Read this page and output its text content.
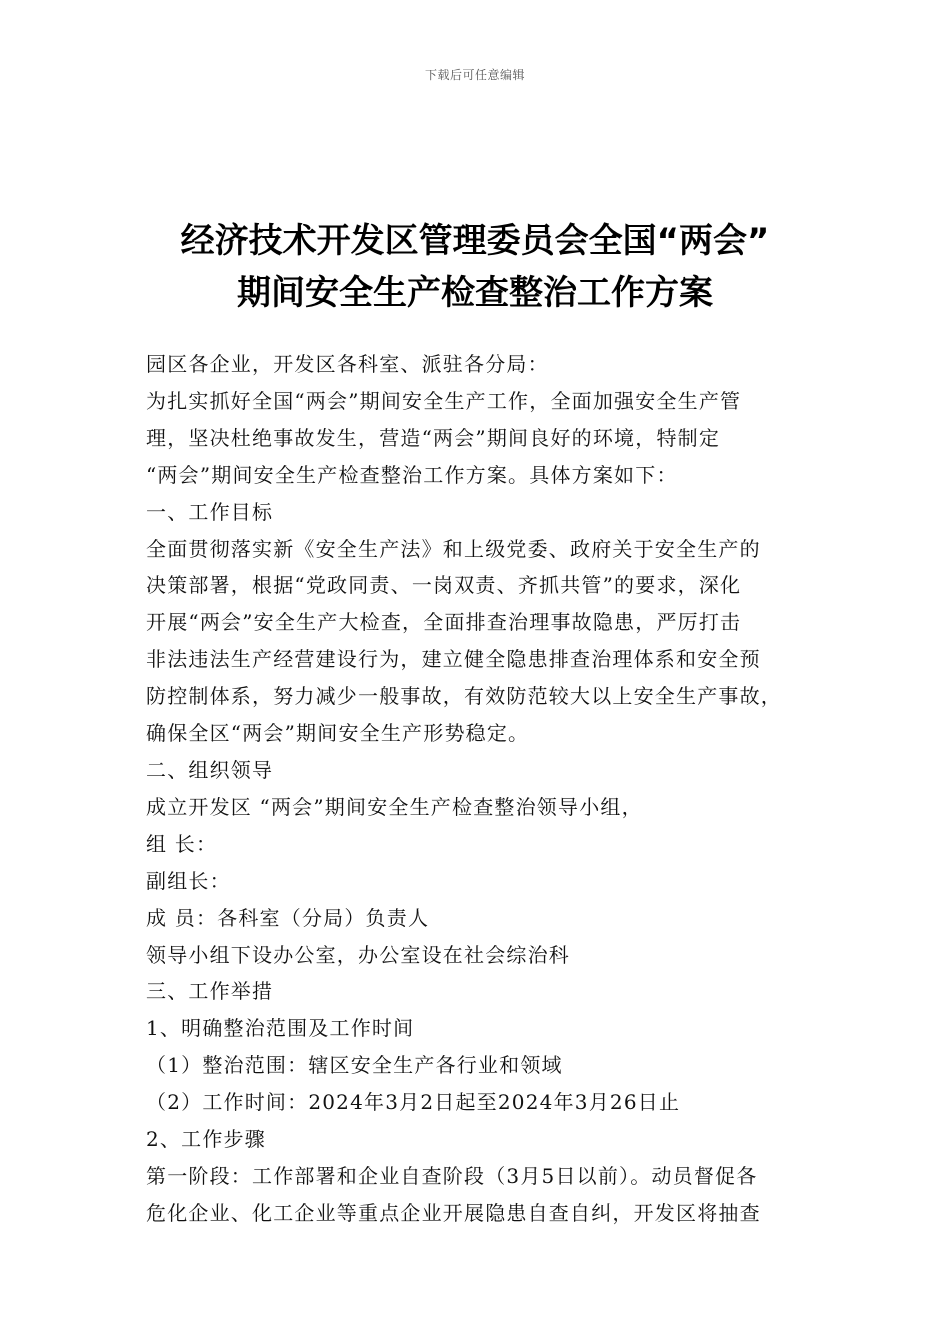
下载后可任意编辑
经济技术开发区管理委员会全国“两会”
期间安全生产检查整治工作方案

园区各企业，开发区各科室、派驻各分局：

为扎实抓好全国“两会”期间安全生产工作，全面加强安全生产管

理，坚决杜绝事故发生，营造“两会”期间良好的环境，特制定

“两会”期间安全生产检查整治工作方案。具体方案如下：

一、工作目标

全面贯彻落实新《安全生产法》和上级党委、政府关于安全生产的

决策部署，根据“党政同责、一岗双责、齐抓共管”的要求，深化

开展“两会”安全生产大检查，全面排查治理事故隐患，严厉打击

非法违法生产经营建设行为，建立健全隐患排查治理体系和安全预

防控制体系，努力减少一般事故，有效防范较大以上安全生产事故，

确保全区“两会”期间安全生产形势稳定。

二、组织领导

成立开发区 “两会”期间安全生产检查整治领导小组，

组 长：

副组长：

成 员：各科室（分局）负责人

领导小组下设办公室，办公室设在社会综治科

三、工作举措

1、明确整治范围及工作时间

（1）整治范围：辖区安全生产各行业和领域

（2）工作时间：2024年3月2日起至2024年3月26日止

2、工作步骤

第一阶段：工作部署和企业自查阶段（3月5日以前）。动员督促各

危化企业、化工企业等重点企业开展隐患自查自纠，开发区将抽查
